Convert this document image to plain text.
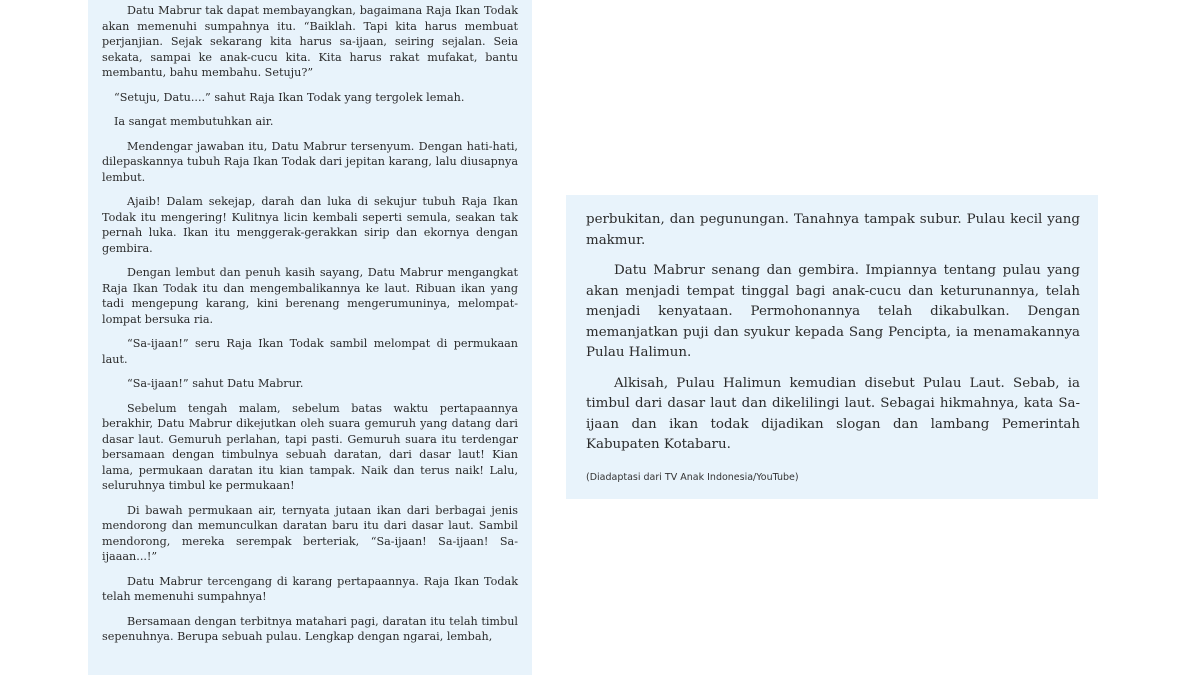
Datu Mabrur tak dapat membayangkan, bagaimana Raja Ikan Todak akan memenuhi sumpahnya itu. “Baiklah. Tapi kita harus membuat perjanjian. Sejak sekarang kita harus sa-ijaan, seiring sejalan. Seia sekata, sampai ke anak-cucu kita. Kita harus rakat mufakat, bantu membantu, bahu membahu. Setuju?”

“Setuju, Datu....” sahut Raja Ikan Todak yang tergolek lemah.

Ia sangat membutuhkan air.

Mendengar jawaban itu, Datu Mabrur tersenyum. Dengan hati-hati, dilepaskannya tubuh Raja Ikan Todak dari jepitan karang, lalu diusapnya lembut.

Ajaib! Dalam sekejap, darah dan luka di sekujur tubuh Raja Ikan Todak itu mengering! Kulitnya licin kembali seperti semula, seakan tak pernah luka. Ikan itu menggerak-gerakkan sirip dan ekornya dengan gembira.

Dengan lembut dan penuh kasih sayang, Datu Mabrur mengangkat Raja Ikan Todak itu dan mengembalikannya ke laut. Ribuan ikan yang tadi mengepung karang, kini berenang mengerumuninya, melompat-lompat bersuka ria.

“Sa-ijaan!” seru Raja Ikan Todak sambil melompat di permukaan laut.

“Sa-ijaan!” sahut Datu Mabrur.

Sebelum tengah malam, sebelum batas waktu pertapaannya berakhir, Datu Mabrur dikejutkan oleh suara gemuruh yang datang dari dasar laut. Gemuruh perlahan, tapi pasti. Gemuruh suara itu terdengar bersamaan dengan timbulnya sebuah daratan, dari dasar laut! Kian lama, permukaan daratan itu kian tampak. Naik dan terus naik! Lalu, seluruhnya timbul ke permukaan!

Di bawah permukaan air, ternyata jutaan ikan dari berbagai jenis mendorong dan memunculkan daratan baru itu dari dasar laut. Sambil mendorong, mereka serempak berteriak, “Sa-ijaan! Sa-ijaan! Sa-ijaaan...!”

Datu Mabrur tercengang di karang pertapaannya. Raja Ikan Todak telah memenuhi sumpahnya!

Bersamaan dengan terbitnya matahari pagi, daratan itu telah timbul sepenuhnya. Berupa sebuah pulau. Lengkap dengan ngarai, lembah,

perbukitan, dan pegunungan. Tanahnya tampak subur. Pulau kecil yang makmur.

Datu Mabrur senang dan gembira. Impiannya tentang pulau yang akan menjadi tempat tinggal bagi anak-cucu dan keturunannya, telah menjadi kenyataan. Permohonannya telah dikabulkan. Dengan memanjatkan puji dan syukur kepada Sang Pencipta, ia menamakannya Pulau Halimun.

Alkisah, Pulau Halimun kemudian disebut Pulau Laut. Sebab, ia timbul dari dasar laut dan dikelilingi laut. Sebagai hikmahnya, kata Sa-ijaan dan ikan todak dijadikan slogan dan lambang Pemerintah Kabupaten Kotabaru.

(Diadaptasi dari TV Anak Indonesia/YouTube)
